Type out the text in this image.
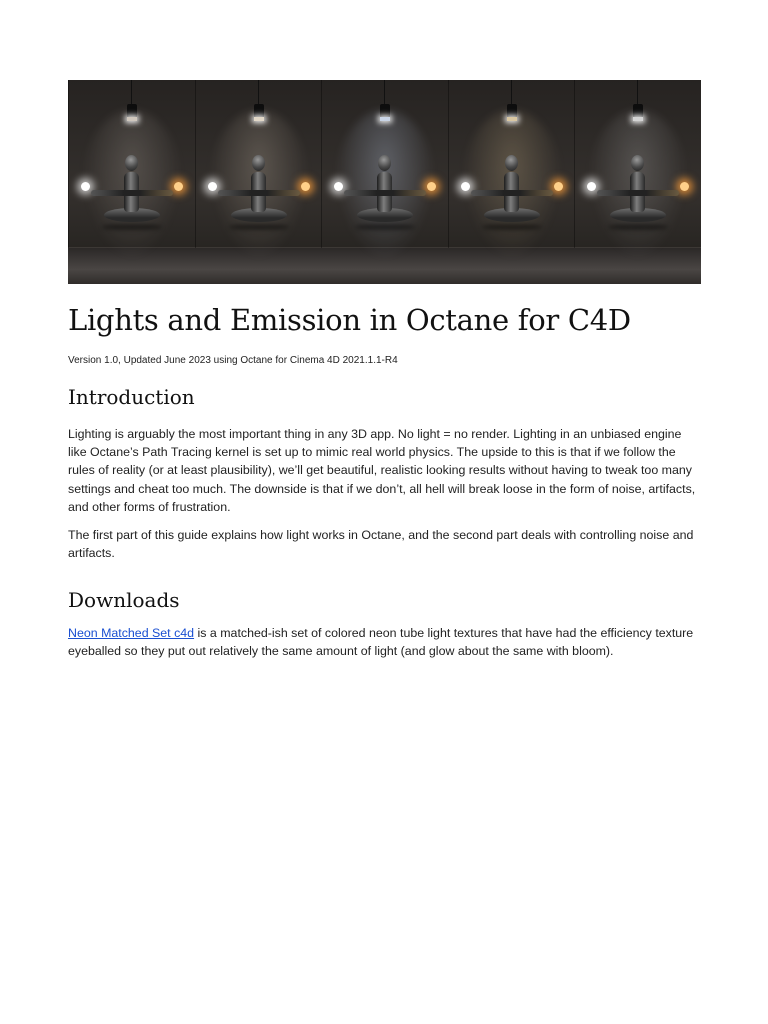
Lights and Emission in Octane for C4D
Version 1.0, Updated June 2023 using Octane for Cinema 4D 2021.1.1-R4
Introduction

Lighting is arguably the most important thing in any 3D app. No light = no render. Lighting in an unbiased engine like Octane’s Path Tracing kernel is set up to mimic real world physics. The upside to this is that if we follow the rules of reality (or at least plausibility), we’ll get beautiful, realistic looking results without having to tweak too many settings and cheat too much. The downside is that if we don’t, all hell will break loose in the form of noise, artifacts, and other forms of frustration.

The first part of this guide explains how light works in Octane, and the second part deals with controlling noise and artifacts.

Downloads

Neon Matched Set c4d is a matched-ish set of colored neon tube light textures that have had the efficiency texture eyeballed so they put out relatively the same amount of light (and glow about the same with bloom).
